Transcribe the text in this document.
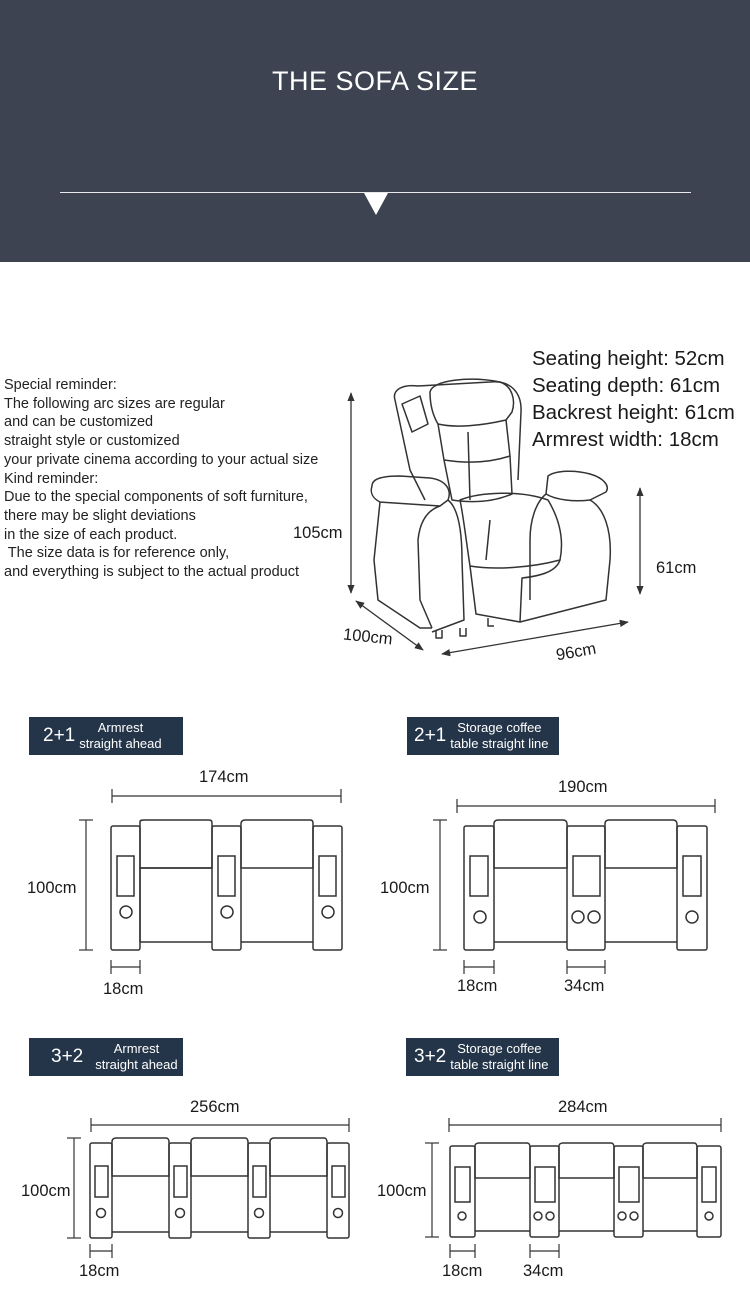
THE SOFA SIZE
Special reminder:
The following arc sizes are regular
and can be customized
straight style or customized
your private cinema according to your actual size
Kind reminder:
Due to the special components of soft furniture,
there may be slight deviations
in the size of each product.
The size data is for reference only,
and everything is subject to the actual product
Seating height: 52cm
Seating depth: 61cm
Backrest height: 61cm
Armrest width: 18cm
105cm
100cm
96cm
61cm
2+1	Armrest
straight ahead
174cm
100cm
18cm
2+1 Storage coffee
table straight line
190cm
100cm
18cm	34cm
3+2	Armrest
straight ahead
256cm
100cm
18cm
3+2 Storage coffee
table straight line
284cm
100cm
18cm 34cm
